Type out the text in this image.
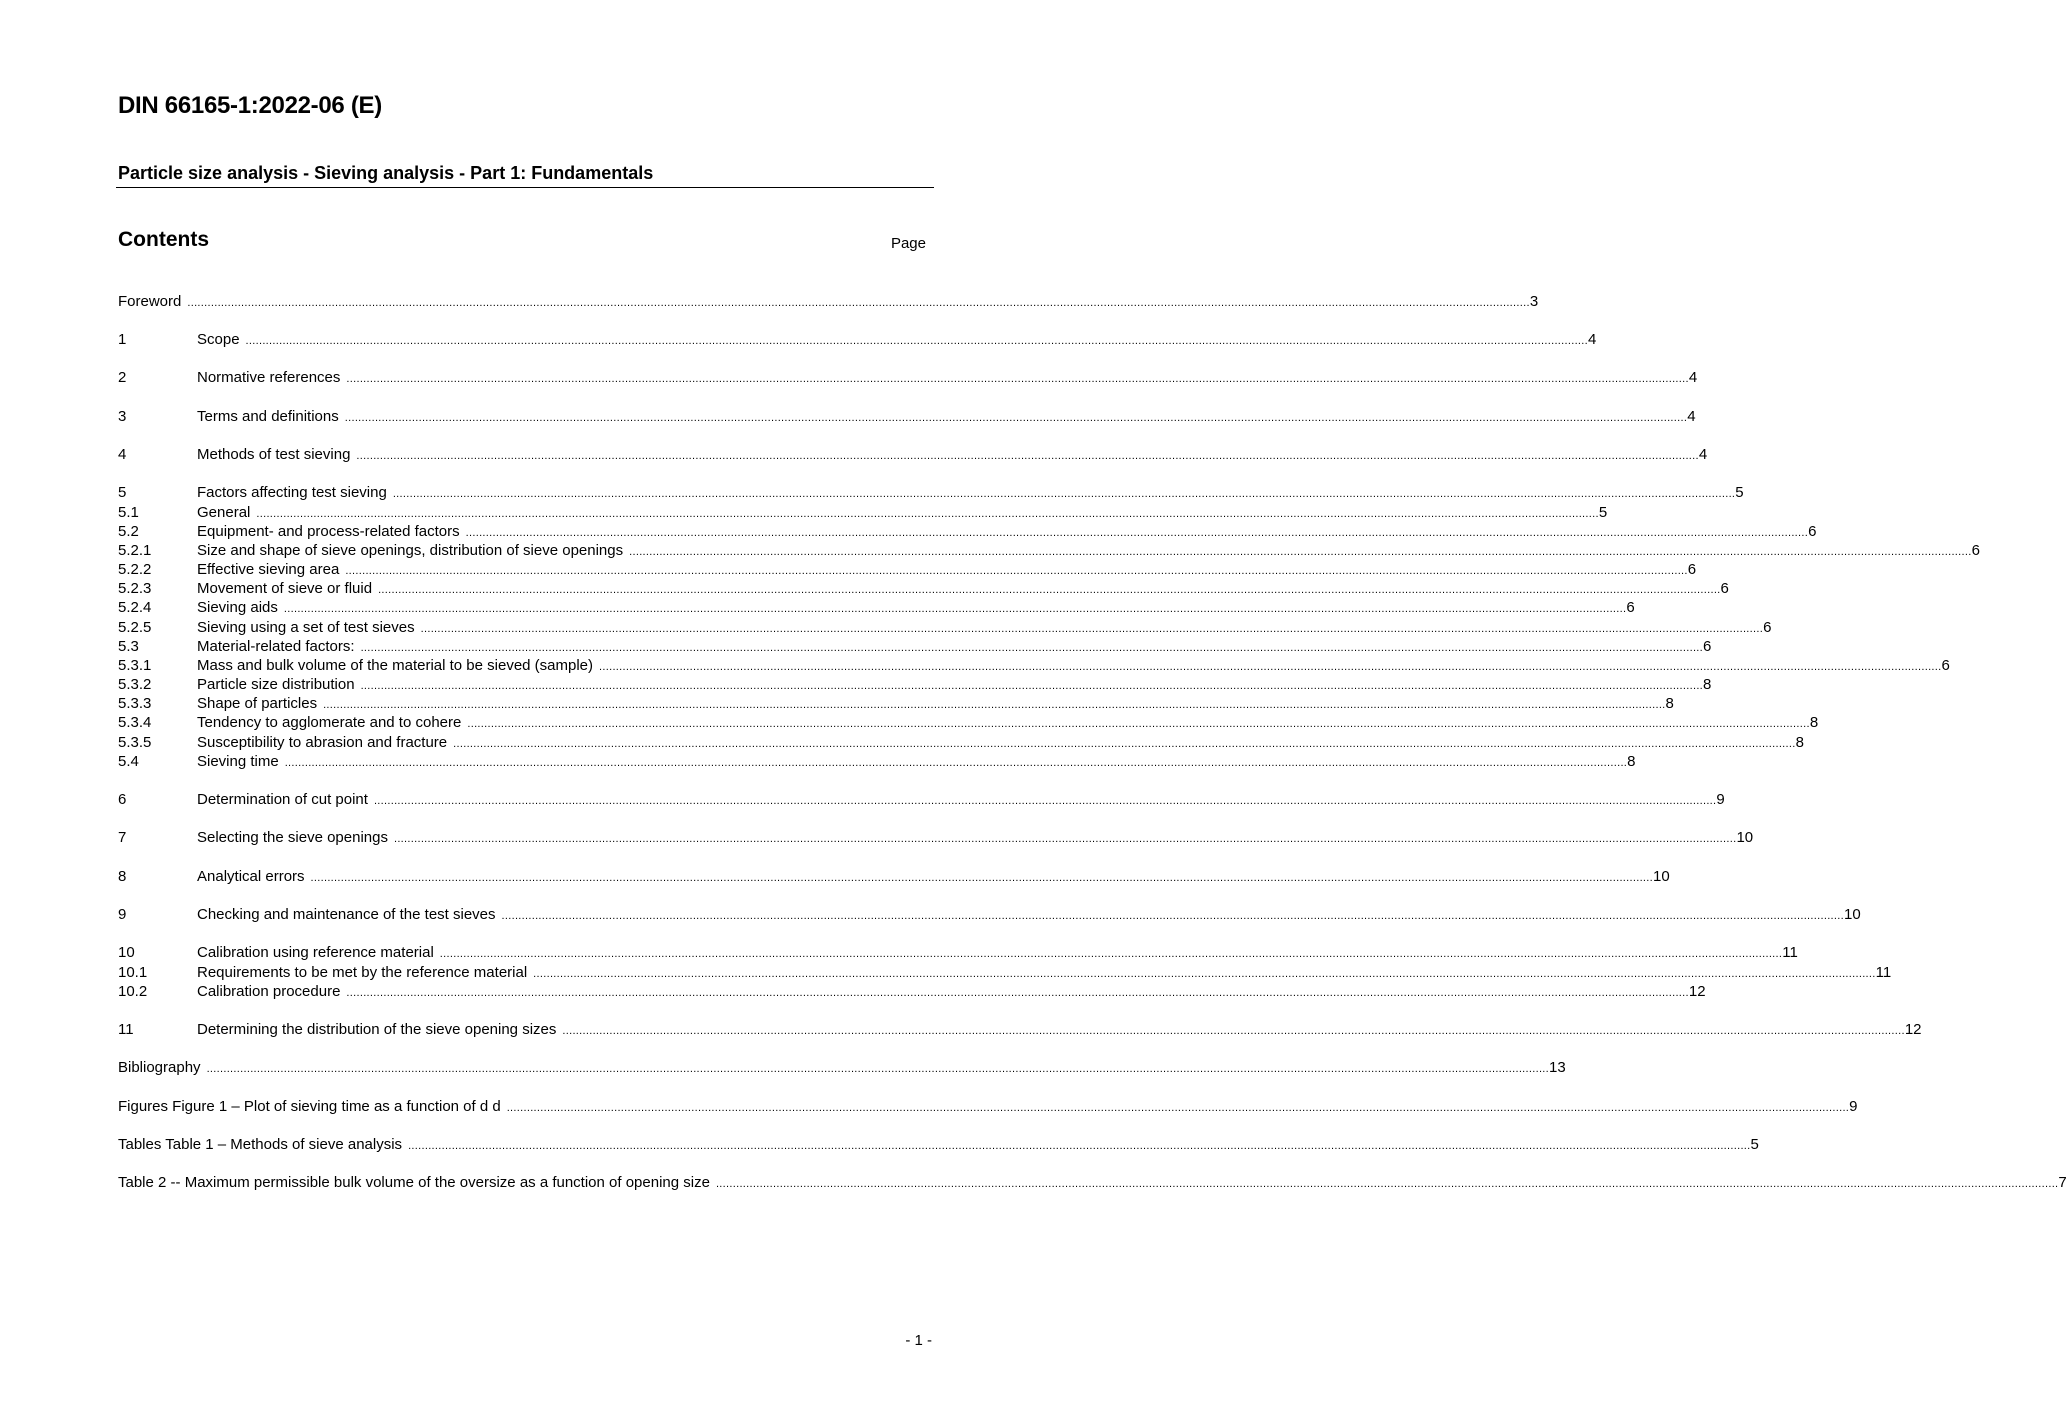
DIN 66165-1:2022-06 (E)
Particle size analysis - Sieving analysis - Part 1: Fundamentals
Contents	Page
Foreword ................................................................................................................................................................................................................................................................................................................................................................................................................ 3
1	Scope ................................................................................................................................................................................................................................................................................................................................................................................................................ 4
2	Normative references ................................................................................................................................................................................................................................................................................................................................................................................................................ 4
3	Terms and definitions ................................................................................................................................................................................................................................................................................................................................................................................................................ 4
4	Methods of test sieving ................................................................................................................................................................................................................................................................................................................................................................................................................ 4
5	Factors affecting test sieving ................................................................................................................................................................................................................................................................................................................................................................................................................ 5
5.1	General ................................................................................................................................................................................................................................................................................................................................................................................................................ 5
5.2	Equipment- and process-related factors ................................................................................................................................................................................................................................................................................................................................................................................................................ 6
5.2.1	Size and shape of sieve openings, distribution of sieve openings ................................................................................................................................................................................................................................................................................................................................................................................................................ 6
5.2.2	Effective sieving area ................................................................................................................................................................................................................................................................................................................................................................................................................ 6
5.2.3	Movement of sieve or fluid ................................................................................................................................................................................................................................................................................................................................................................................................................ 6
5.2.4	Sieving aids ................................................................................................................................................................................................................................................................................................................................................................................................................ 6
5.2.5	Sieving using a set of test sieves ................................................................................................................................................................................................................................................................................................................................................................................................................ 6
5.3	Material-related factors: ................................................................................................................................................................................................................................................................................................................................................................................................................ 6
5.3.1	Mass and bulk volume of the material to be sieved (sample) ................................................................................................................................................................................................................................................................................................................................................................................................................ 6
5.3.2	Particle size distribution ................................................................................................................................................................................................................................................................................................................................................................................................................ 8
5.3.3	Shape of particles ................................................................................................................................................................................................................................................................................................................................................................................................................ 8
5.3.4	Tendency to agglomerate and to cohere ................................................................................................................................................................................................................................................................................................................................................................................................................ 8
5.3.5	Susceptibility to abrasion and fracture ................................................................................................................................................................................................................................................................................................................................................................................................................ 8
5.4	Sieving time ................................................................................................................................................................................................................................................................................................................................................................................................................ 8
6	Determination of cut point ................................................................................................................................................................................................................................................................................................................................................................................................................ 9
7	Selecting the sieve openings ................................................................................................................................................................................................................................................................................................................................................................................................................ 10
8	Analytical errors ................................................................................................................................................................................................................................................................................................................................................................................................................ 10
9	Checking and maintenance of the test sieves ................................................................................................................................................................................................................................................................................................................................................................................................................ 10
10	Calibration using reference material ................................................................................................................................................................................................................................................................................................................................................................................................................ 11
10.1	Requirements to be met by the reference material ................................................................................................................................................................................................................................................................................................................................................................................................................ 11
10.2	Calibration procedure ................................................................................................................................................................................................................................................................................................................................................................................................................ 12
11	Determining the distribution of the sieve opening sizes ................................................................................................................................................................................................................................................................................................................................................................................................................ 12
Bibliography ................................................................................................................................................................................................................................................................................................................................................................................................................ 13
Figures Figure 1 – Plot of sieving time as a function of d d ................................................................................................................................................................................................................................................................................................................................................................................................................ 9
Tables Table 1 – Methods of sieve analysis ................................................................................................................................................................................................................................................................................................................................................................................................................ 5
Table 2 -- Maximum permissible bulk volume of the oversize as a function of opening size ................................................................................................................................................................................................................................................................................................................................................................................................................ 7
- 1 -
